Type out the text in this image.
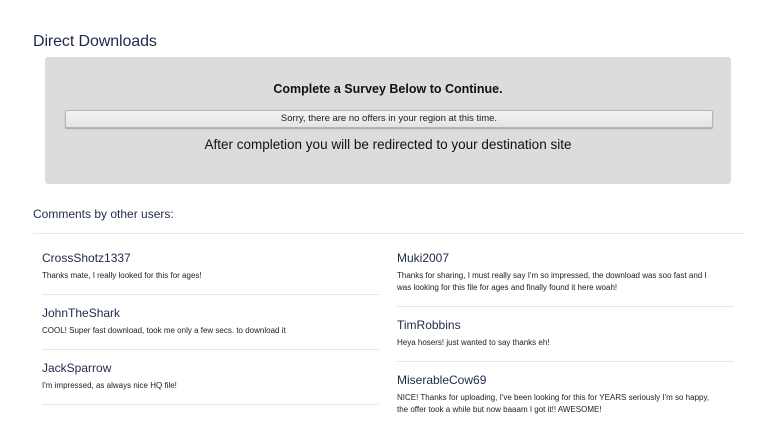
Direct Downloads
Complete a Survey Below to Continue.
Sorry, there are no offers in your region at this time.
After completion you will be redirected to your destination site
Comments by other users:
CrossShotz1337
Thanks mate, I really looked for this for ages!
JohnTheShark
COOL! Super fast download, took me only a few secs. to download it
JackSparrow
I'm impressed, as always nice HQ file!
Muki2007
Thanks for sharing, I must really say I'm so impressed, the download was soo fast and I
was looking for this file for ages and finally found it here woah!
TimRobbins
Heya hosers! just wanted to say thanks eh!
MiserableCow69
NICE! Thanks for uploading, I've been looking for this for YEARS seriously I'm so happy,
the offer took a while but now baaam I got it!! AWESOME!
